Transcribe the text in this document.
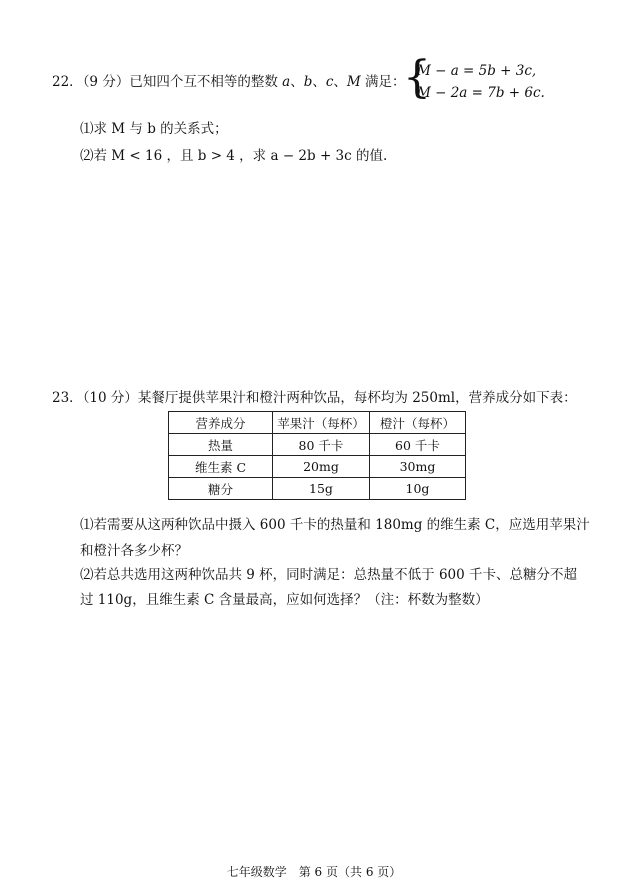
22．（9 分）已知四个互不相等的整数 a、b、c、M 满足：
{
M − a = 5b + 3c,
M − 2a = 7b + 6c.
⑴求 M 与 b 的关系式；
⑵若 M < 16 ，且 b > 4 ，求 a − 2b + 3c 的值.
23．（10 分）某餐厅提供苹果汁和橙汁两种饮品，每杯均为 250ml，营养成分如下表：
营养成分	苹果汁（每杯）	橙汁（每杯）
热量	80 千卡	60 千卡
维生素 C	20mg	30mg
糖分	15g	10g
⑴若需要从这两种饮品中摄入 600 千卡的热量和 180mg 的维生素 C，应选用苹果汁
和橙汁各多少杯？
⑵若总共选用这两种饮品共 9 杯，同时满足：总热量不低于 600 千卡、总糖分不超
过 110g，且维生素 C 含量最高，应如何选择？（注：杯数为整数）
七年级数学　第 6 页（共 6 页）
